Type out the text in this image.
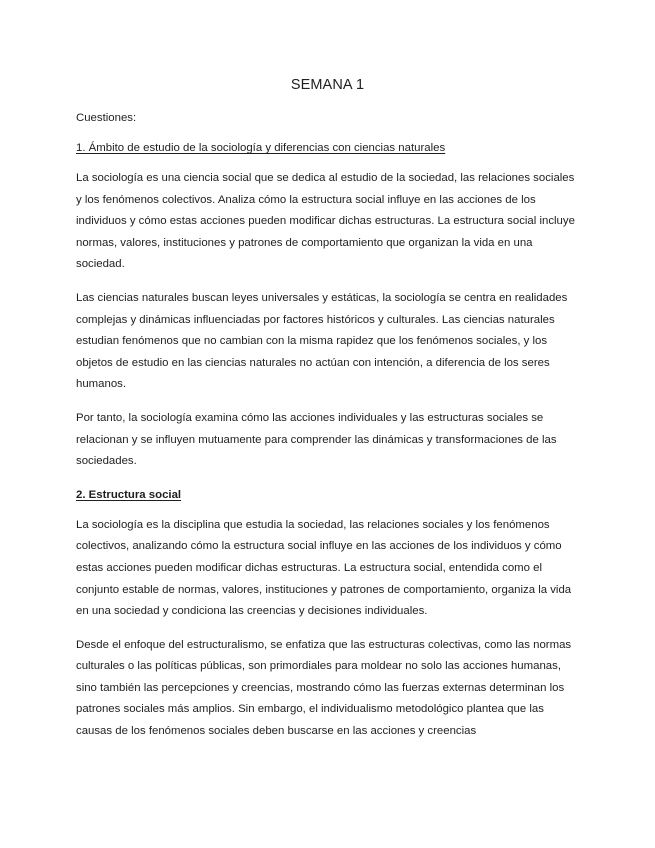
SEMANA 1
Cuestiones:
1. Ámbito de estudio de la sociología y diferencias con ciencias naturales

La sociología es una ciencia social que se dedica al estudio de la sociedad, las relaciones sociales y los fenómenos colectivos. Analiza cómo la estructura social influye en las acciones de los individuos y cómo estas acciones pueden modificar dichas estructuras. La estructura social incluye normas, valores, instituciones y patrones de comportamiento que organizan la vida en una sociedad.

Las ciencias naturales buscan leyes universales y estáticas, la sociología se centra en realidades complejas y dinámicas influenciadas por factores históricos y culturales. Las ciencias naturales estudian fenómenos que no cambian con la misma rapidez que los fenómenos sociales, y los objetos de estudio en las ciencias naturales no actúan con intención, a diferencia de los seres humanos.

Por tanto, la sociología examina cómo las acciones individuales y las estructuras sociales se relacionan y se influyen mutuamente para comprender las dinámicas y transformaciones de las sociedades.

2. Estructura social

La sociología es la disciplina que estudia la sociedad, las relaciones sociales y los fenómenos colectivos, analizando cómo la estructura social influye en las acciones de los individuos y cómo estas acciones pueden modificar dichas estructuras. La estructura social, entendida como el conjunto estable de normas, valores, instituciones y patrones de comportamiento, organiza la vida en una sociedad y condiciona las creencias y decisiones individuales.

Desde el enfoque del estructuralismo, se enfatiza que las estructuras colectivas, como las normas culturales o las políticas públicas, son primordiales para moldear no solo las acciones humanas, sino también las percepciones y creencias, mostrando cómo las fuerzas externas determinan los patrones sociales más amplios. Sin embargo, el individualismo metodológico plantea que las causas de los fenómenos sociales deben buscarse en las acciones y creencias
